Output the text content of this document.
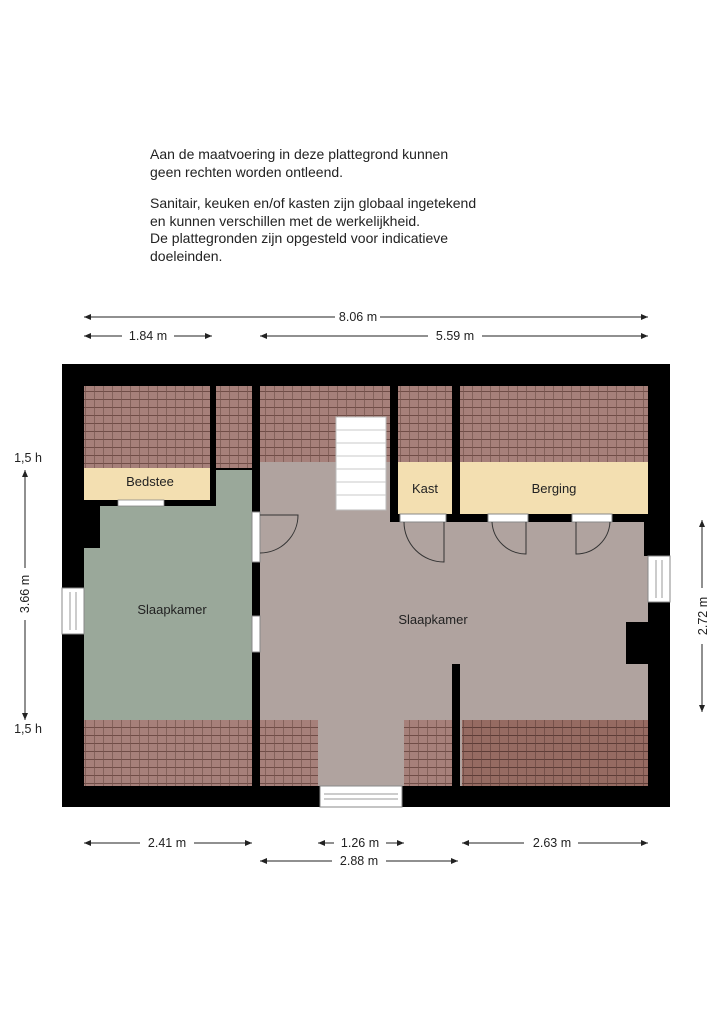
Aan de maatvoering in deze plattegrond kunnen
geen rechten worden ontleend.

Sanitair, keuken en/of kasten zijn globaal ingetekend
en kunnen verschillen met de werkelijkheid.
De plattegronden zijn opgesteld voor indicatieve
doeleinden.

Bedstee
Slaapkamer
Slaapkamer
Kast	Berging
8.06 m
1.84 m	5.59 m
1,5 h
3.66 m
1,5 h
2.72 m
2.41 m	1.26 m	2.63 m
2.88 m
